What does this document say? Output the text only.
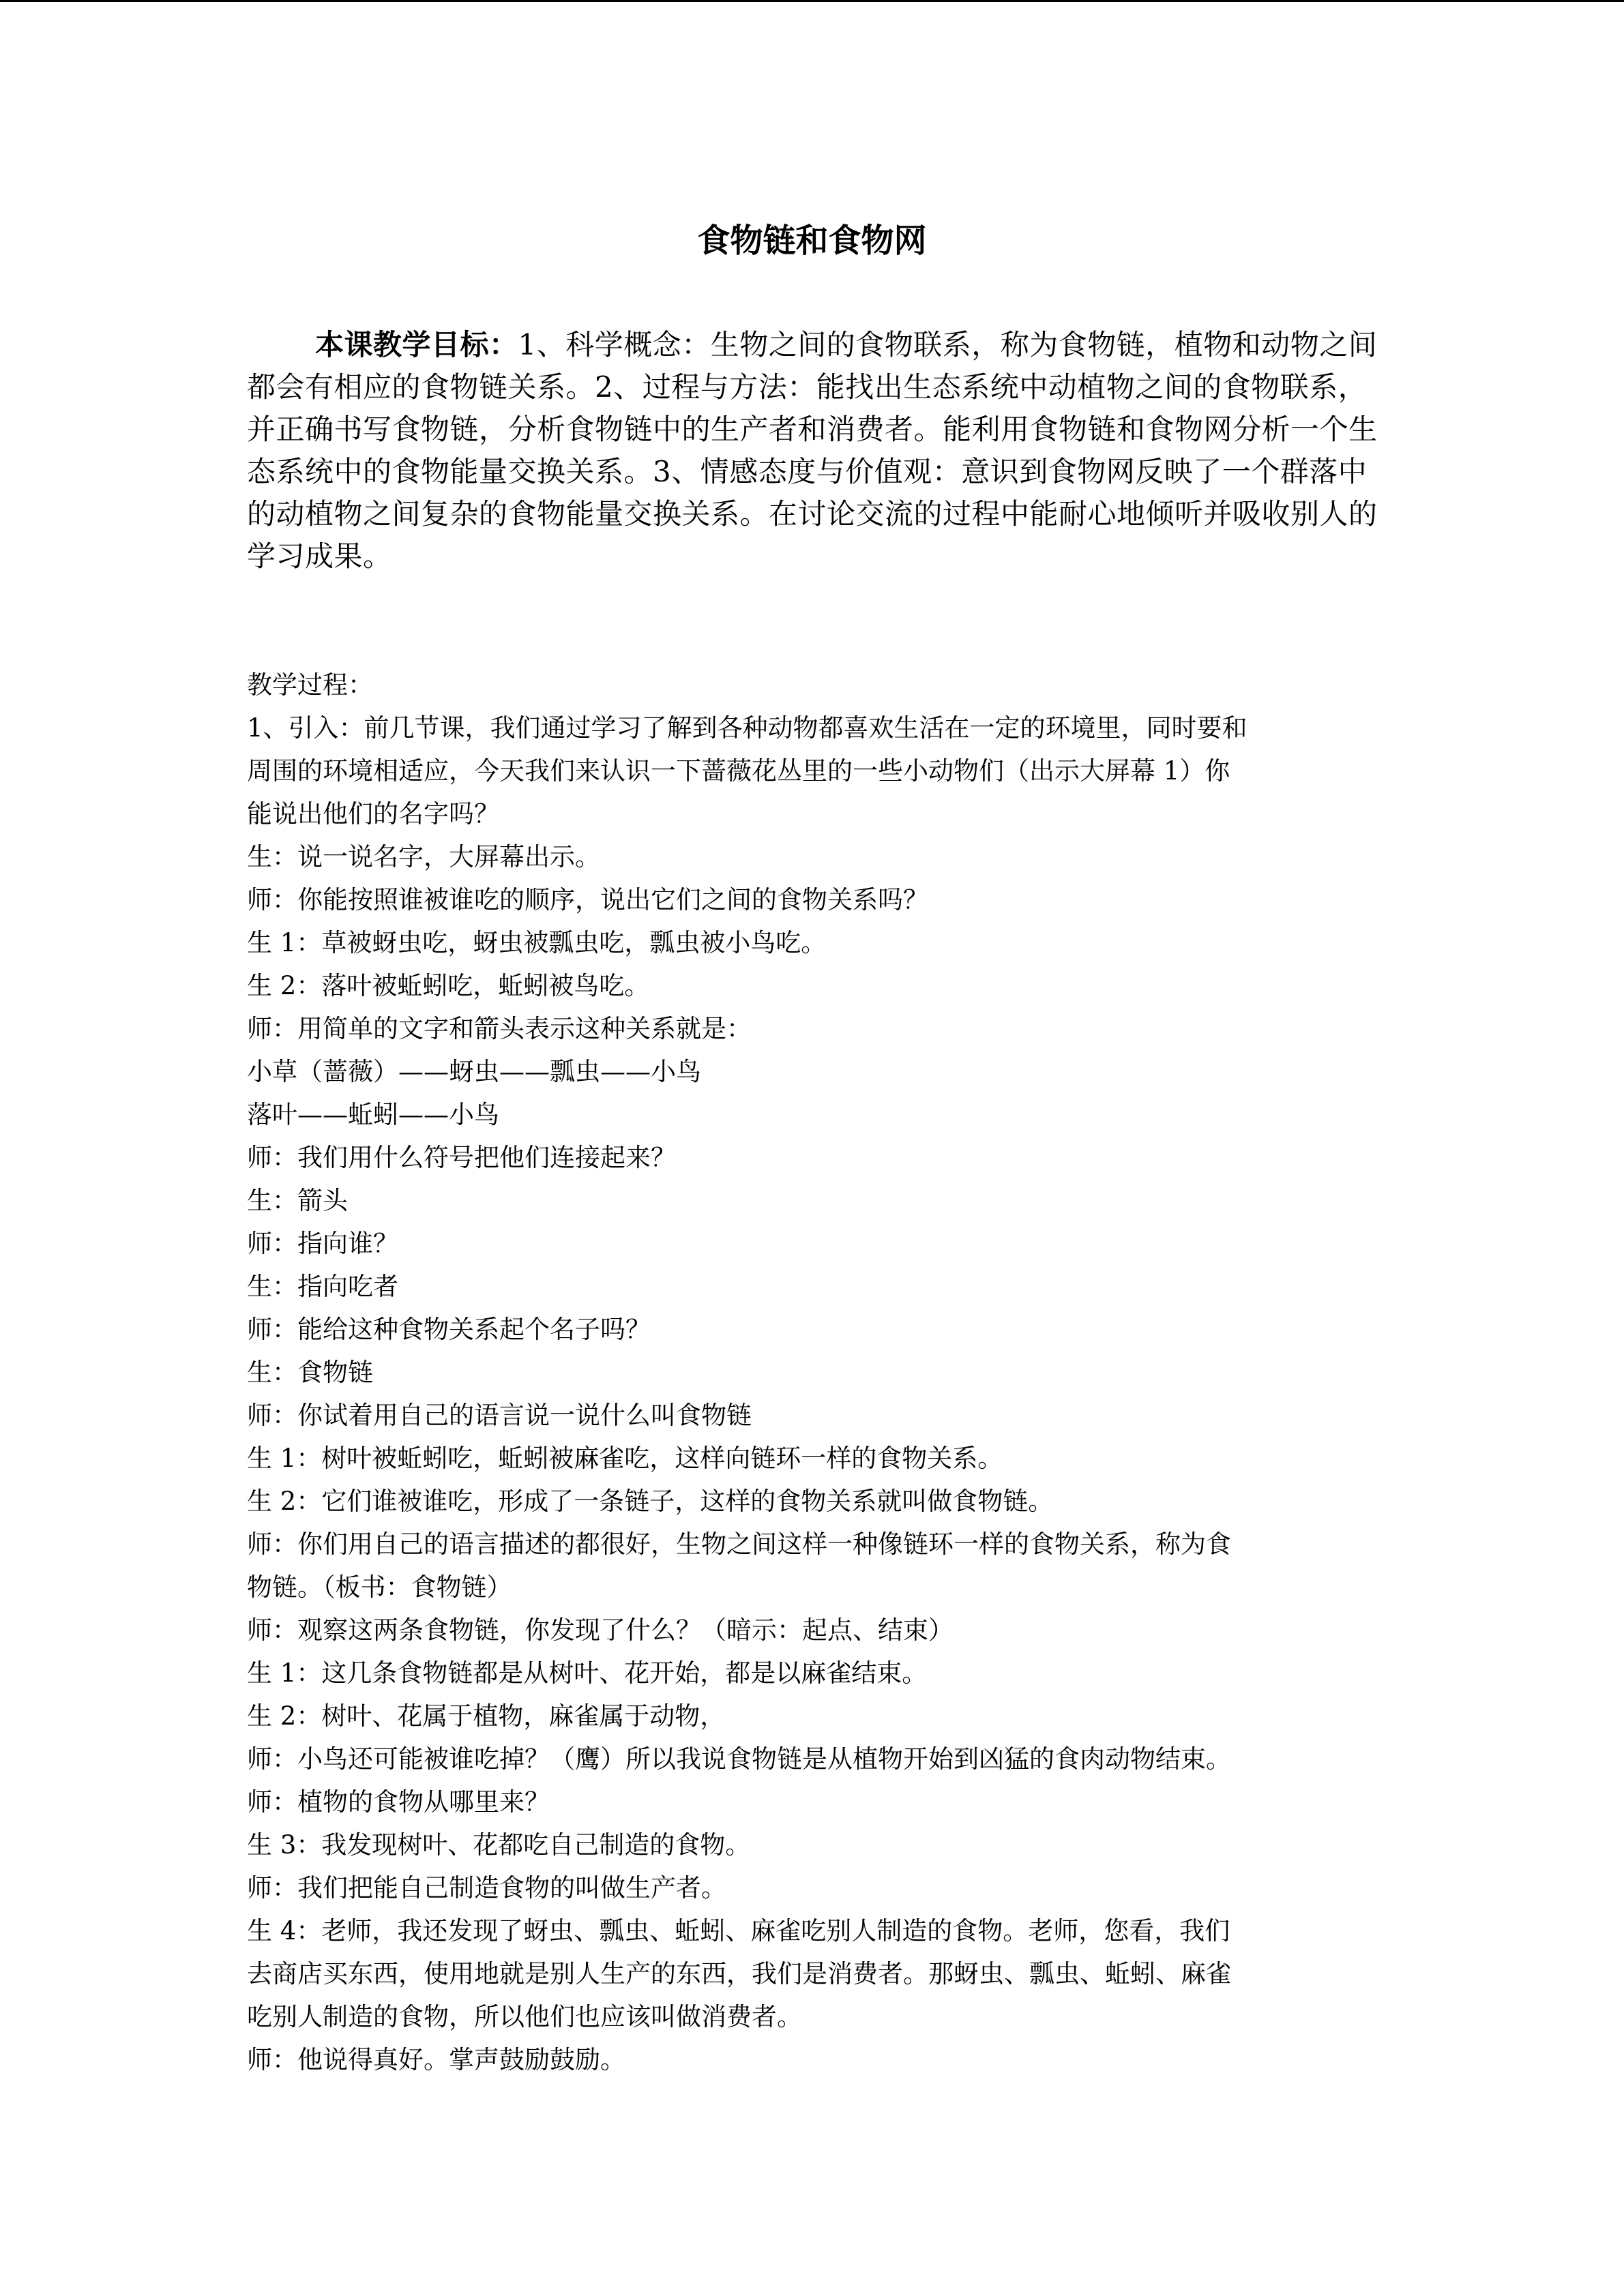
食物链和食物网

本课教学目标：1、科学概念：生物之间的食物联系，称为食物链，植物和动物之间都会有相应的食物链关系。2、过程与方法：能找出生态系统中动植物之间的食物联系，并正确书写食物链，分析食物链中的生产者和消费者。能利用食物链和食物网分析一个生态系统中的食物能量交换关系。3、情感态度与价值观：意识到食物网反映了一个群落中的动植物之间复杂的食物能量交换关系。在讨论交流的过程中能耐心地倾听并吸收别人的学习成果。

教学过程：
1、引入：前几节课，我们通过学习了解到各种动物都喜欢生活在一定的环境里，同时要和
周围的环境相适应，今天我们来认识一下蔷薇花丛里的一些小动物们（出示大屏幕 1）你
能说出他们的名字吗？
生：说一说名字，大屏幕出示。
师：你能按照谁被谁吃的顺序，说出它们之间的食物关系吗？
生 1：草被蚜虫吃，蚜虫被瓢虫吃，瓢虫被小鸟吃。
生 2：落叶被蚯蚓吃，蚯蚓被鸟吃。
师：用简单的文字和箭头表示这种关系就是：
小草（蔷薇）——蚜虫——瓢虫——小鸟
落叶——蚯蚓——小鸟
师：我们用什么符号把他们连接起来？
生：箭头
师：指向谁？
生：指向吃者
师：能给这种食物关系起个名子吗？
生：食物链
师：你试着用自己的语言说一说什么叫食物链
生 1：树叶被蚯蚓吃，蚯蚓被麻雀吃，这样向链环一样的食物关系。
生 2：它们谁被谁吃，形成了一条链子，这样的食物关系就叫做食物链。
师：你们用自己的语言描述的都很好，生物之间这样一种像链环一样的食物关系，称为食
物链。（板书：食物链）
师：观察这两条食物链，你发现了什么？（暗示：起点、结束）
生 1：这几条食物链都是从树叶、花开始，都是以麻雀结束。
生 2：树叶、花属于植物，麻雀属于动物，
师：小鸟还可能被谁吃掉？（鹰）所以我说食物链是从植物开始到凶猛的食肉动物结束。
师：植物的食物从哪里来？
生 3：我发现树叶、花都吃自己制造的食物。
师：我们把能自己制造食物的叫做生产者。
生 4：老师，我还发现了蚜虫、瓢虫、蚯蚓、麻雀吃别人制造的食物。老师，您看，我们
去商店买东西，使用地就是别人生产的东西，我们是消费者。那蚜虫、瓢虫、蚯蚓、麻雀
吃别人制造的食物，所以他们也应该叫做消费者。
师：他说得真好。掌声鼓励鼓励。
